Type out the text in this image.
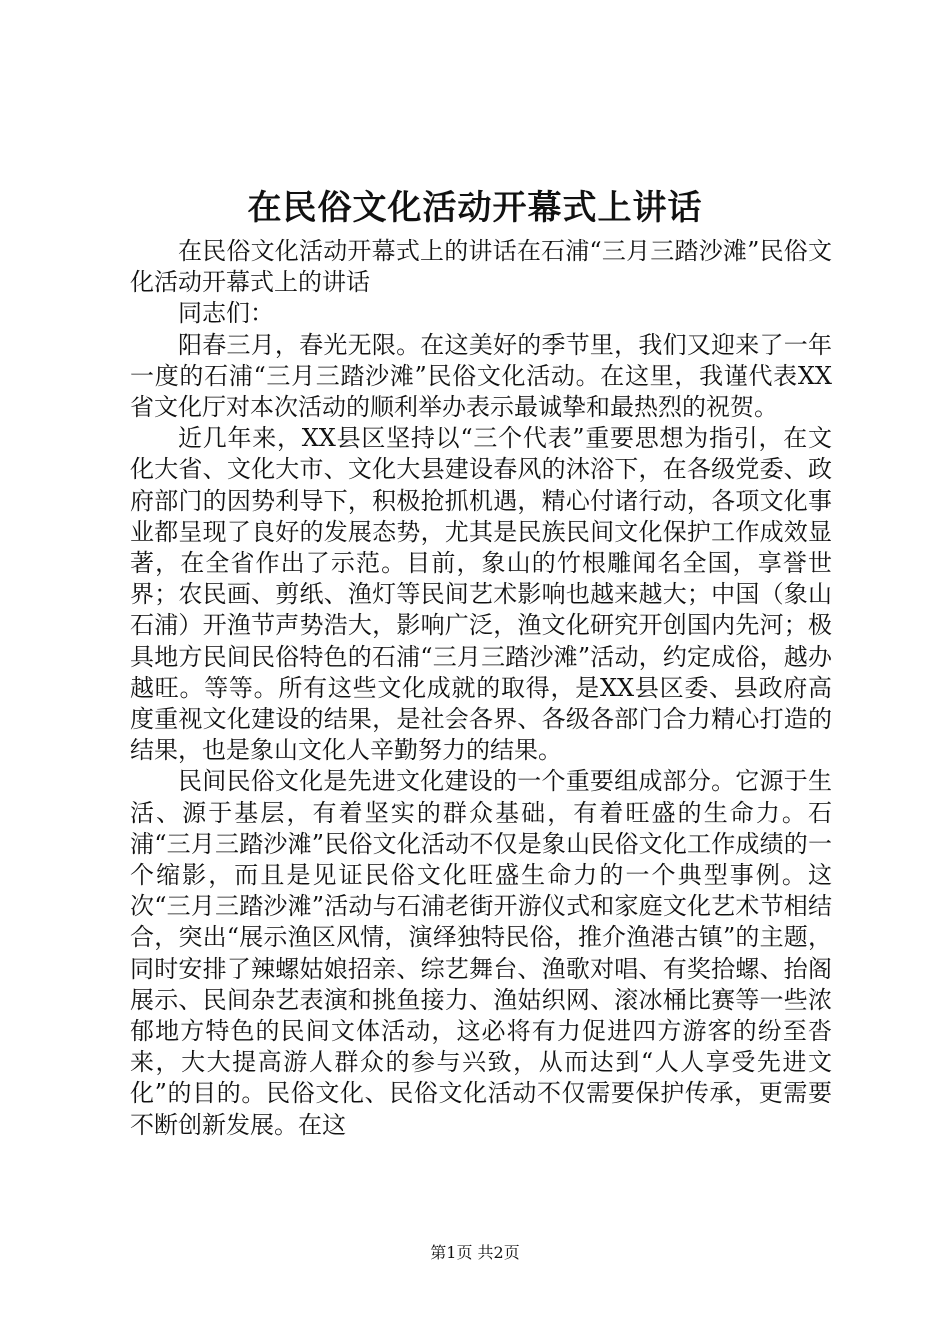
在民俗文化活动开幕式上讲话

在民俗文化活动开幕式上的讲话在石浦“三月三踏沙滩”民俗文化活动开幕式上的讲话

同志们：

阳春三月，春光无限。在这美好的季节里，我们又迎来了一年一度的石浦“三月三踏沙滩”民俗文化活动。在这里，我谨代表XX省文化厅对本次活动的顺利举办表示最诚挚和最热烈的祝贺。

近几年来，XX县区坚持以“三个代表”重要思想为指引，在文化大省、文化大市、文化大县建设春风的沐浴下，在各级党委、政府部门的因势利导下，积极抢抓机遇，精心付诸行动，各项文化事业都呈现了良好的发展态势，尤其是民族民间文化保护工作成效显著，在全省作出了示范。目前，象山的竹根雕闻名全国，享誉世界；农民画、剪纸、渔灯等民间艺术影响也越来越大；中国（象山石浦）开渔节声势浩大，影响广泛，渔文化研究开创国内先河；极具地方民间民俗特色的石浦“三月三踏沙滩”活动，约定成俗，越办越旺。等等。所有这些文化成就的取得，是XX县区委、县政府高度重视文化建设的结果，是社会各界、各级各部门合力精心打造的结果，也是象山文化人辛勤努力的结果。

民间民俗文化是先进文化建设的一个重要组成部分。它源于生活、源于基层，有着坚实的群众基础，有着旺盛的生命力。石浦“三月三踏沙滩”民俗文化活动不仅是象山民俗文化工作成绩的一个缩影，而且是见证民俗文化旺盛生命力的一个典型事例。这次“三月三踏沙滩”活动与石浦老街开游仪式和家庭文化艺术节相结合，突出“展示渔区风情，演绎独特民俗，推介渔港古镇”的主题，同时安排了辣螺姑娘招亲、综艺舞台、渔歌对唱、有奖拾螺、抬阁展示、民间杂艺表演和挑鱼接力、渔姑织网、滚冰桶比赛等一些浓郁地方特色的民间文体活动，这必将有力促进四方游客的纷至沓来，大大提高游人群众的参与兴致，从而达到“人人享受先进文化”的目的。民俗文化、民俗文化活动不仅需要保护传承，更需要不断创新发展。在这

第1页 共2页
